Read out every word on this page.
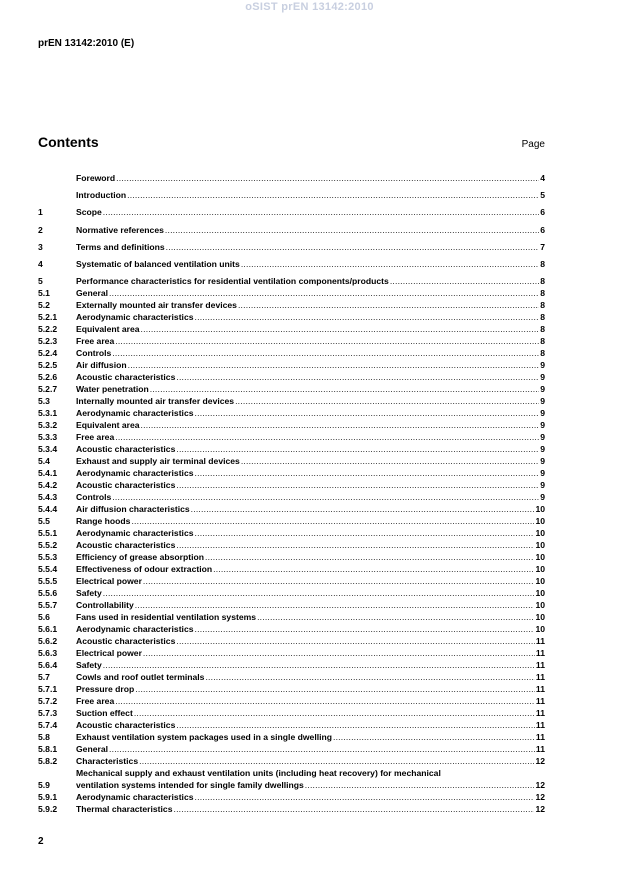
oSIST prEN 13142:2010
prEN 13142:2010 (E)
Contents	Page
Foreword .....	4
Introduction .....	5
1	Scope .....	6
2	Normative references .....	6
3	Terms and definitions .....	7
4	Systematic of balanced ventilation units .....	8
5	Performance characteristics for residential ventilation components/products .....	8
5.1	General .....	8
5.2	Externally mounted air transfer devices .....	8
5.2.1	Aerodynamic characteristics .....	8
5.2.2	Equivalent area .....	8
5.2.3	Free area .....	8
5.2.4	Controls .....	8
5.2.5	Air diffusion .....	9
5.2.6	Acoustic characteristics .....	9
5.2.7	Water penetration .....	9
5.3	Internally mounted air transfer devices .....	9
5.3.1	Aerodynamic characteristics .....	9
5.3.2	Equivalent area .....	9
5.3.3	Free area .....	9
5.3.4	Acoustic characteristics .....	9
5.4	Exhaust and supply air terminal devices .....	9
5.4.1	Aerodynamic characteristics .....	9
5.4.2	Acoustic characteristics .....	9
5.4.3	Controls .....	9
5.4.4	Air diffusion characteristics .....	10
5.5	Range hoods .....	10
5.5.1	Aerodynamic characteristics .....	10
5.5.2	Acoustic characteristics .....	10
5.5.3	Efficiency of grease absorption .....	10
5.5.4	Effectiveness of odour extraction .....	10
5.5.5	Electrical power .....	10
5.5.6	Safety .....	10
5.5.7	Controllability .....	10
5.6	Fans used in residential ventilation systems .....	10
5.6.1	Aerodynamic characteristics .....	10
5.6.2	Acoustic characteristics .....	11
5.6.3	Electrical power .....	11
5.6.4	Safety .....	11
5.7	Cowls and roof outlet terminals .....	11
5.7.1	Pressure drop .....	11
5.7.2	Free area .....	11
5.7.3	Suction effect .....	11
5.7.4	Acoustic characteristics .....	11
5.8	Exhaust ventilation system packages used in a single dwelling .....	11
5.8.1	General .....	11
5.8.2	Characteristics .....	12
5.9
Mechanical supply and exhaust ventilation units (including heat recovery) for mechanical
ventilation systems intended for single family dwellings .....	12
5.9.1	Aerodynamic characteristics .....	12
5.9.2	Thermal characteristics .....	12
2
